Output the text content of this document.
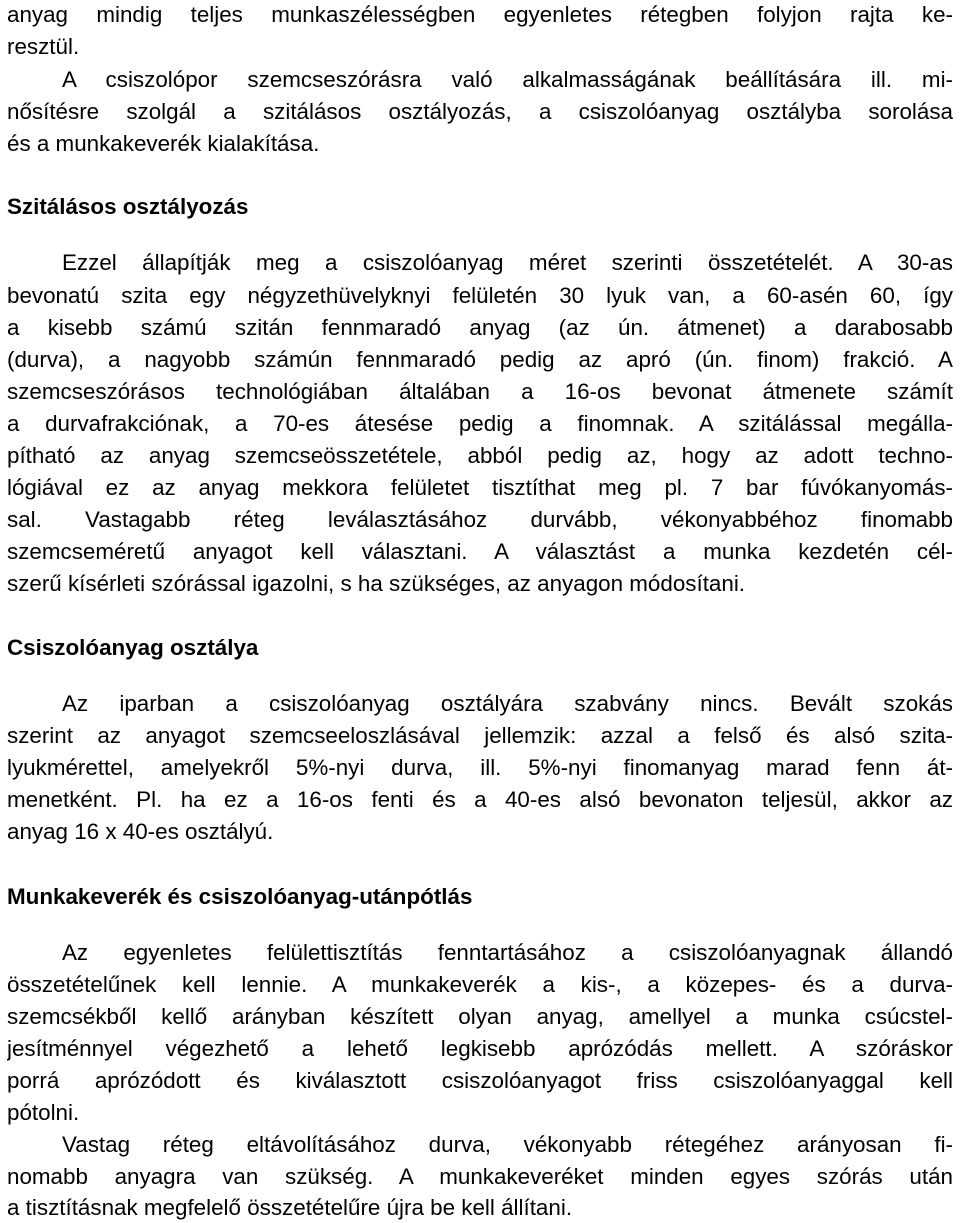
anyag mindig teljes munkaszélességben egyenletes rétegben folyjon rajta ke-
resztül.
A csiszolópor szemcseszórásra való alkalmasságának beállítására ill. mi-
nősítésre szolgál a szitálásos osztályozás, a csiszolóanyag osztályba sorolása
és a munkakeverék kialakítása.
Szitálásos osztályozás
Ezzel állapítják meg a csiszolóanyag méret szerinti összetételét. A 30-as
bevonatú szita egy négyzethüvelyknyi felületén 30 lyuk van, a 60-asén 60, így
a kisebb számú szitán fennmaradó anyag (az ún. átmenet) a darabosabb
(durva), a nagyobb számún fennmaradó pedig az apró (ún. finom) frakció. A
szemcseszórásos technológiában általában a 16-os bevonat átmenete számít
a durvafrakciónak, a 70-es átesése pedig a finomnak. A szitálással megálla-
pítható az anyag szemcseösszetétele, abból pedig az, hogy az adott techno-
lógiával ez az anyag mekkora felületet tisztíthat meg pl. 7 bar fúvókanyomás-
sal. Vastagabb réteg leválasztásához durvább, vékonyabbéhoz finomabb
szemcseméretű anyagot kell választani. A választást a munka kezdetén cél-
szerű kísérleti szórással igazolni, s ha szükséges, az anyagon módosítani.
Csiszolóanyag osztálya
Az iparban a csiszolóanyag osztályára szabvány nincs. Bevált szokás
szerint az anyagot szemcseeloszlásával jellemzik: azzal a felső és alsó szita-
lyukmérettel, amelyekről 5%-nyi durva, ill. 5%-nyi finomanyag marad fenn át-
menetként. Pl. ha ez a 16-os fenti és a 40-es alsó bevonaton teljesül, akkor az
anyag 16 x 40-es osztályú.
Munkakeverék és csiszolóanyag-utánpótlás
Az egyenletes felülettisztítás fenntartásához a csiszolóanyagnak állandó
összetételűnek kell lennie. A munkakeverék a kis-, a közepes- és a durva-
szemcsékből kellő arányban készített olyan anyag, amellyel a munka csúcstel-
jesítménnyel végezhető a lehető legkisebb aprózódás mellett. A szóráskor
porrá aprózódott és kiválasztott csiszolóanyagot friss csiszolóanyaggal kell
pótolni.
Vastag réteg eltávolításához durva, vékonyabb rétegéhez arányosan fi-
nomabb anyagra van szükség. A munkakeveréket minden egyes szórás után
a tisztításnak megfelelő összetételűre újra be kell állítani.
